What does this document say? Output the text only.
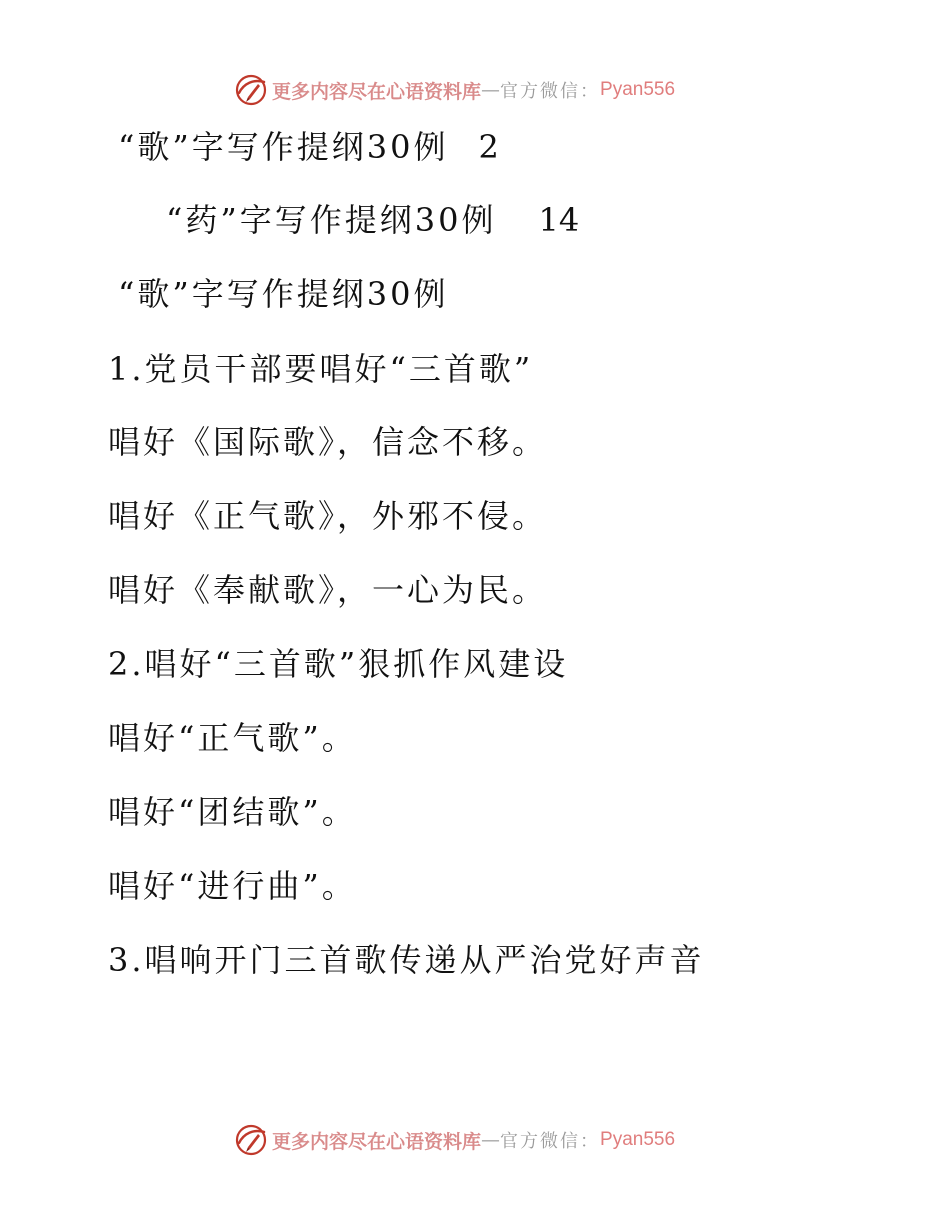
更多内容尽在心语资料库 — 官方微信： Pyan556
“歌”字写作提纲30例 2
“药”字写作提纲30例 14
“歌”字写作提纲30例
1.党员干部要唱好“三首歌”
唱好《国际歌》，信念不移。
唱好《正气歌》，外邪不侵。
唱好《奉献歌》，一心为民。
2.唱好“三首歌”狠抓作风建设
唱好“正气歌”。
唱好“团结歌”。
唱好“进行曲”。
3.唱响开门三首歌传递从严治党好声音
更多内容尽在心语资料库 — 官方微信： Pyan556
